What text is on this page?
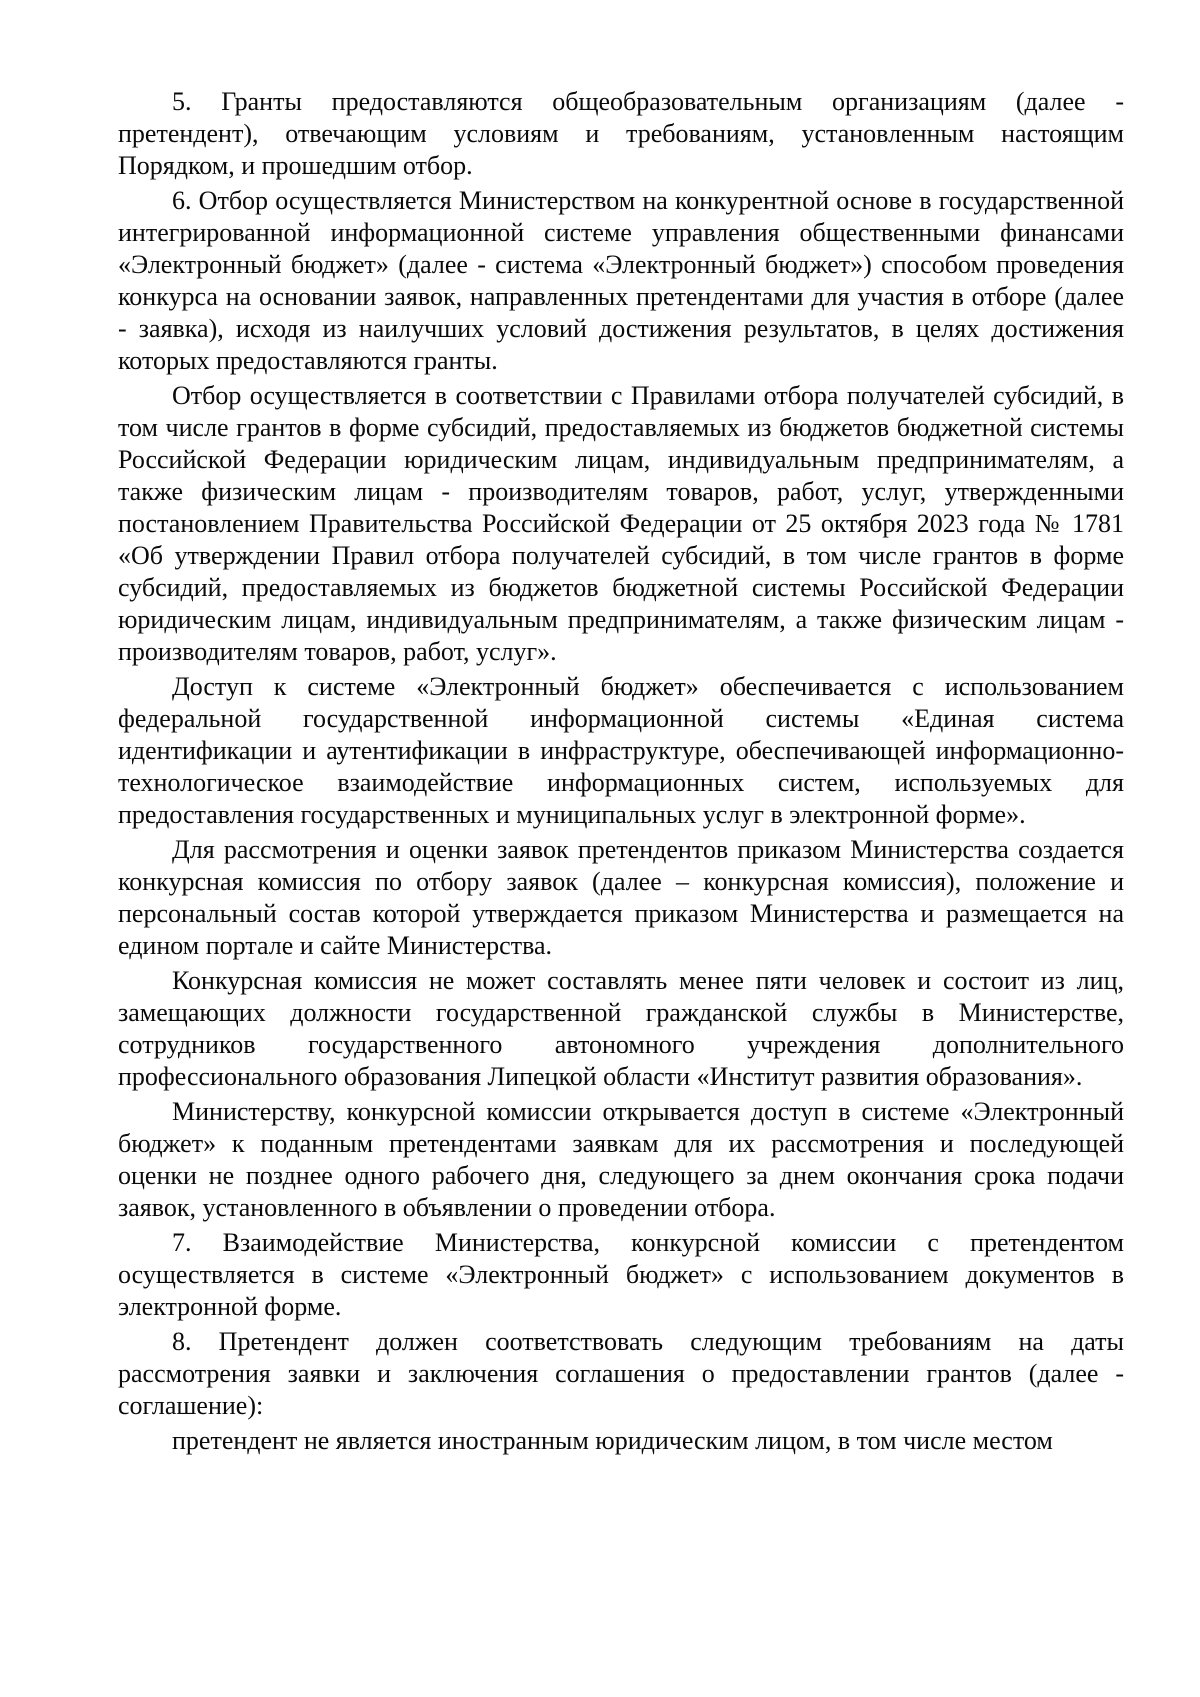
5. Гранты предоставляются общеобразовательным организациям (далее - претендент), отвечающим условиям и требованиям, установленным настоящим Порядком, и прошедшим отбор.

6. Отбор осуществляется Министерством на конкурентной основе в государственной интегрированной информационной системе управления общественными финансами «Электронный бюджет» (далее - система «Электронный бюджет») способом проведения конкурса на основании заявок, направленных претендентами для участия в отборе (далее - заявка), исходя из наилучших условий достижения результатов, в целях достижения которых предоставляются гранты.

Отбор осуществляется в соответствии с Правилами отбора получателей субсидий, в том числе грантов в форме субсидий, предоставляемых из бюджетов бюджетной системы Российской Федерации юридическим лицам, индивидуальным предпринимателям, а также физическим лицам - производителям товаров, работ, услуг, утвержденными постановлением Правительства Российской Федерации от 25 октября 2023 года № 1781 «Об утверждении Правил отбора получателей субсидий, в том числе грантов в форме субсидий, предоставляемых из бюджетов бюджетной системы Российской Федерации юридическим лицам, индивидуальным предпринимателям, а также физическим лицам - производителям товаров, работ, услуг».

Доступ к системе «Электронный бюджет» обеспечивается с использованием федеральной государственной информационной системы «Единая система идентификации и аутентификации в инфраструктуре, обеспечивающей информационно-технологическое взаимодействие информационных систем, используемых для предоставления государственных и муниципальных услуг в электронной форме».

Для рассмотрения и оценки заявок претендентов приказом Министерства создается конкурсная комиссия по отбору заявок (далее – конкурсная комиссия), положение и персональный состав которой утверждается приказом Министерства и размещается на едином портале и сайте Министерства.

Конкурсная комиссия не может составлять менее пяти человек и состоит из лиц, замещающих должности государственной гражданской службы в Министерстве, сотрудников государственного автономного учреждения дополнительного профессионального образования Липецкой области «Институт развития образования».

Министерству, конкурсной комиссии открывается доступ в системе «Электронный бюджет» к поданным претендентами заявкам для их рассмотрения и последующей оценки не позднее одного рабочего дня, следующего за днем окончания срока подачи заявок, установленного в объявлении о проведении отбора.

7. Взаимодействие Министерства, конкурсной комиссии с претендентом осуществляется в системе «Электронный бюджет» с использованием документов в электронной форме.

8. Претендент должен соответствовать следующим требованиям на даты рассмотрения заявки и заключения соглашения о предоставлении грантов (далее - соглашение):

претендент не является иностранным юридическим лицом, в том числе местом
